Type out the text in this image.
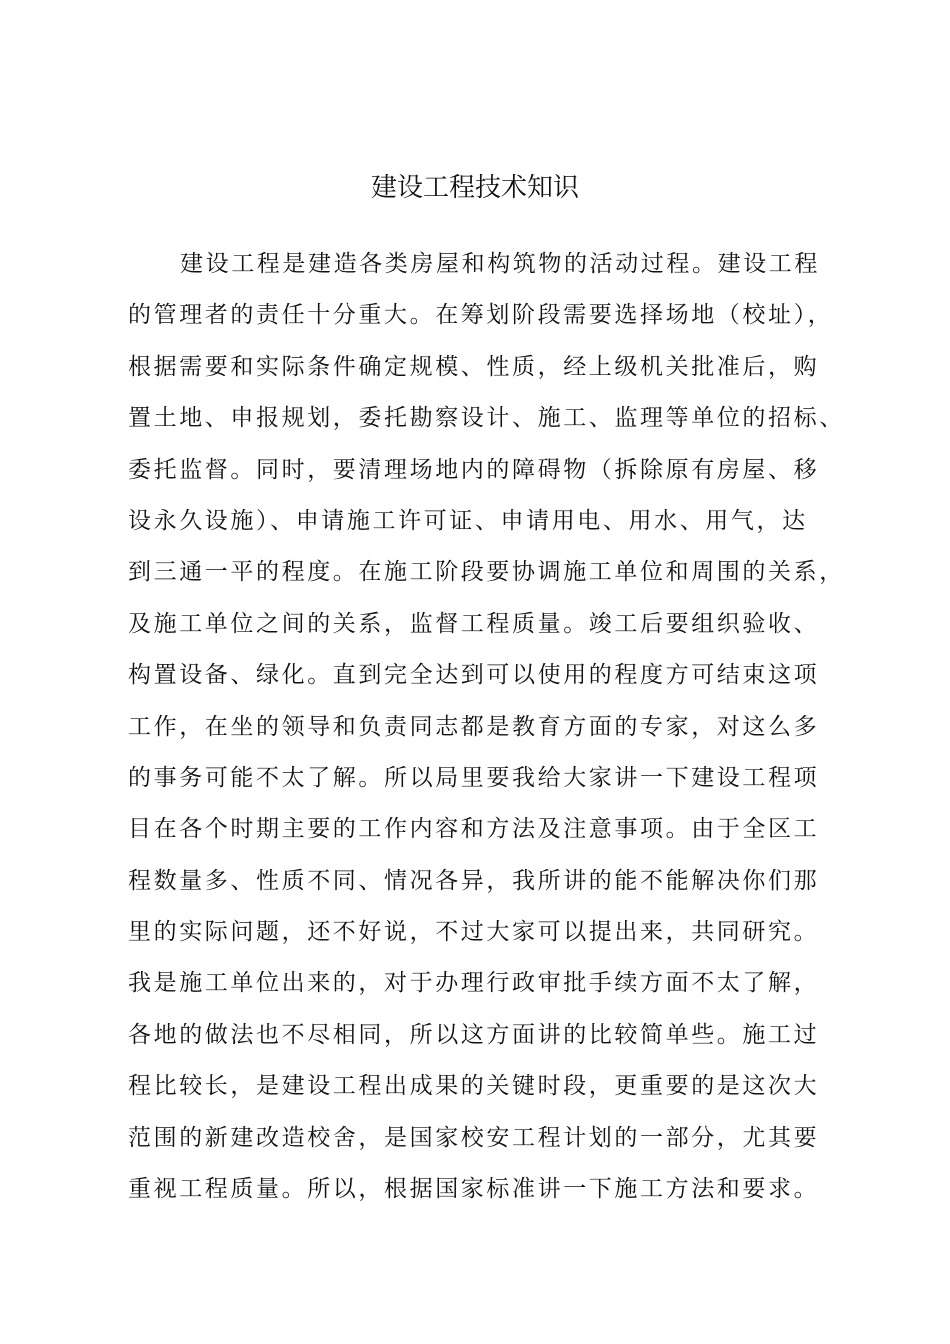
建设工程技术知识
建设工程是建造各类房屋和构筑物的活动过程。建设工程
的管理者的责任十分重大。在筹划阶段需要选择场地（校址），
根据需要和实际条件确定规模、性质，经上级机关批准后，购
置土地、申报规划，委托勘察设计、施工、监理等单位的招标、
委托监督。同时，要清理场地内的障碍物（拆除原有房屋、移
设永久设施）、申请施工许可证、申请用电、用水、用气，达
到三通一平的程度。在施工阶段要协调施工单位和周围的关系，
及施工单位之间的关系，监督工程质量。竣工后要组织验收、
构置设备、绿化。直到完全达到可以使用的程度方可结束这项
工作，在坐的领导和负责同志都是教育方面的专家，对这么多
的事务可能不太了解。所以局里要我给大家讲一下建设工程项
目在各个时期主要的工作内容和方法及注意事项。由于全区工
程数量多、性质不同、情况各异，我所讲的能不能解决你们那
里的实际问题，还不好说，不过大家可以提出来，共同研究。
我是施工单位出来的，对于办理行政审批手续方面不太了解，
各地的做法也不尽相同，所以这方面讲的比较简单些。施工过
程比较长，是建设工程出成果的关键时段，更重要的是这次大
范围的新建改造校舍，是国家校安工程计划的一部分，尤其要
重视工程质量。所以，根据国家标准讲一下施工方法和要求。
